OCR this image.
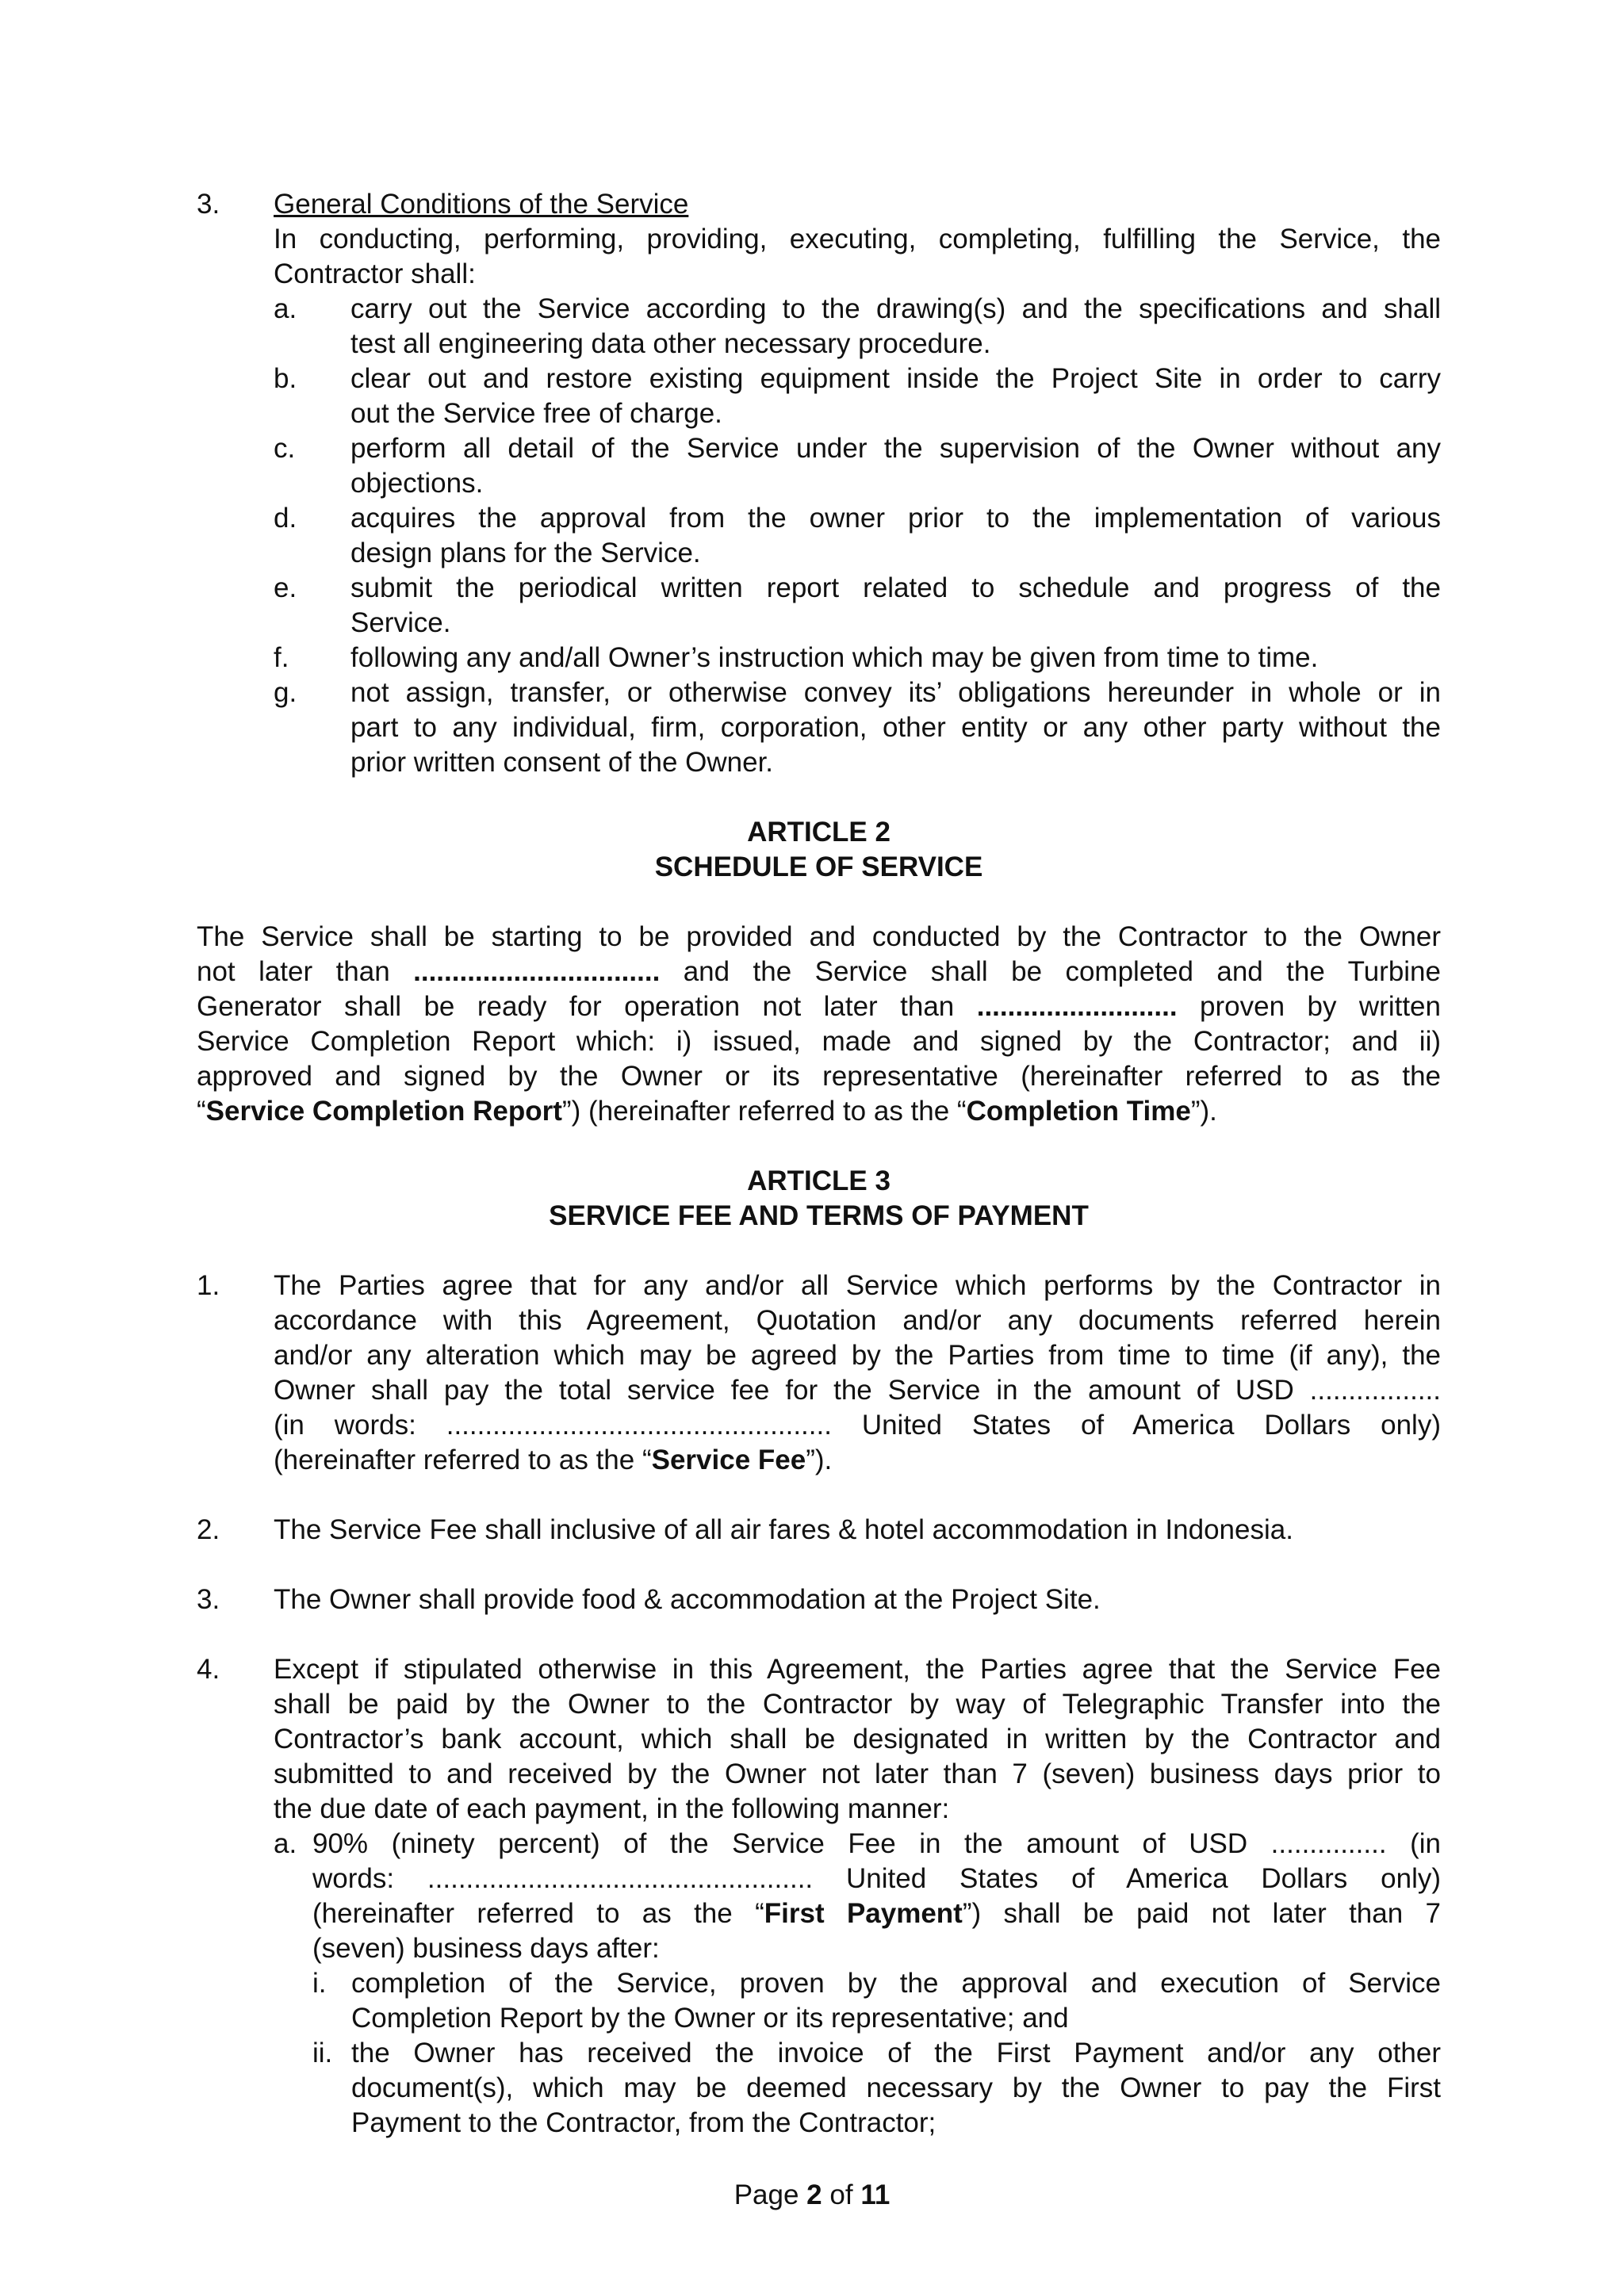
3.	General Conditions of the Service
In conducting, performing, providing, executing, completing, fulfilling the Service, the
Contractor shall:
a.	carry out the Service according to the drawing(s) and the specifications and shall
test all engineering data other necessary procedure.
b.	clear out and restore existing equipment inside the Project Site in order to carry
out the Service free of charge.
c.	perform all detail of the Service under the supervision of the Owner without any
objections.
d.	acquires the approval from the owner prior to the implementation of various
design plans for the Service.
e.	submit the periodical written report related to schedule and progress of the
Service.
f.	following any and/all Owner’s instruction which may be given from time to time.
g.	not assign, transfer, or otherwise convey its’ obligations hereunder in whole or in
part to any individual, firm, corporation, other entity or any other party without the
prior written consent of the Owner.
ARTICLE 2
SCHEDULE OF SERVICE
The Service shall be starting to be provided and conducted by the Contractor to the Owner
not later than ................................ and the Service shall be completed and the Turbine
Generator shall be ready for operation not later than .......................... proven by written
Service Completion Report which: i) issued, made and signed by the Contractor; and ii)
approved and signed by the Owner or its representative (hereinafter referred to as the
“Service Completion Report”) (hereinafter referred to as the “Completion Time”).
ARTICLE 3
SERVICE FEE AND TERMS OF PAYMENT
1.	The Parties agree that for any and/or all Service which performs by the Contractor in
accordance with this Agreement, Quotation and/or any documents referred herein
and/or any alteration which may be agreed by the Parties from time to time (if any), the
Owner shall pay the total service fee for the Service in the amount of USD .................
(in words: .................................................. United States of America Dollars only)
(hereinafter referred to as the “Service Fee”).
2.	The Service Fee shall inclusive of all air fares & hotel accommodation in Indonesia.
3.	The Owner shall provide food & accommodation at the Project Site.
4.	Except if stipulated otherwise in this Agreement, the Parties agree that the Service Fee
shall be paid by the Owner to the Contractor by way of Telegraphic Transfer into the
Contractor’s bank account, which shall be designated in written by the Contractor and
submitted to and received by the Owner not later than 7 (seven) business days prior to
the due date of each payment, in the following manner:
a. 90% (ninety percent) of the Service Fee in the amount of USD ............... (in
words: .................................................. United States of America Dollars only)
(hereinafter referred to as the “First Payment”) shall be paid not later than 7
(seven) business days after:
i. completion of the Service, proven by the approval and execution of Service
Completion Report by the Owner or its representative; and
ii. the Owner has received the invoice of the First Payment and/or any other
document(s), which may be deemed necessary by the Owner to pay the First
Payment to the Contractor, from the Contractor;
Page 2 of 11
